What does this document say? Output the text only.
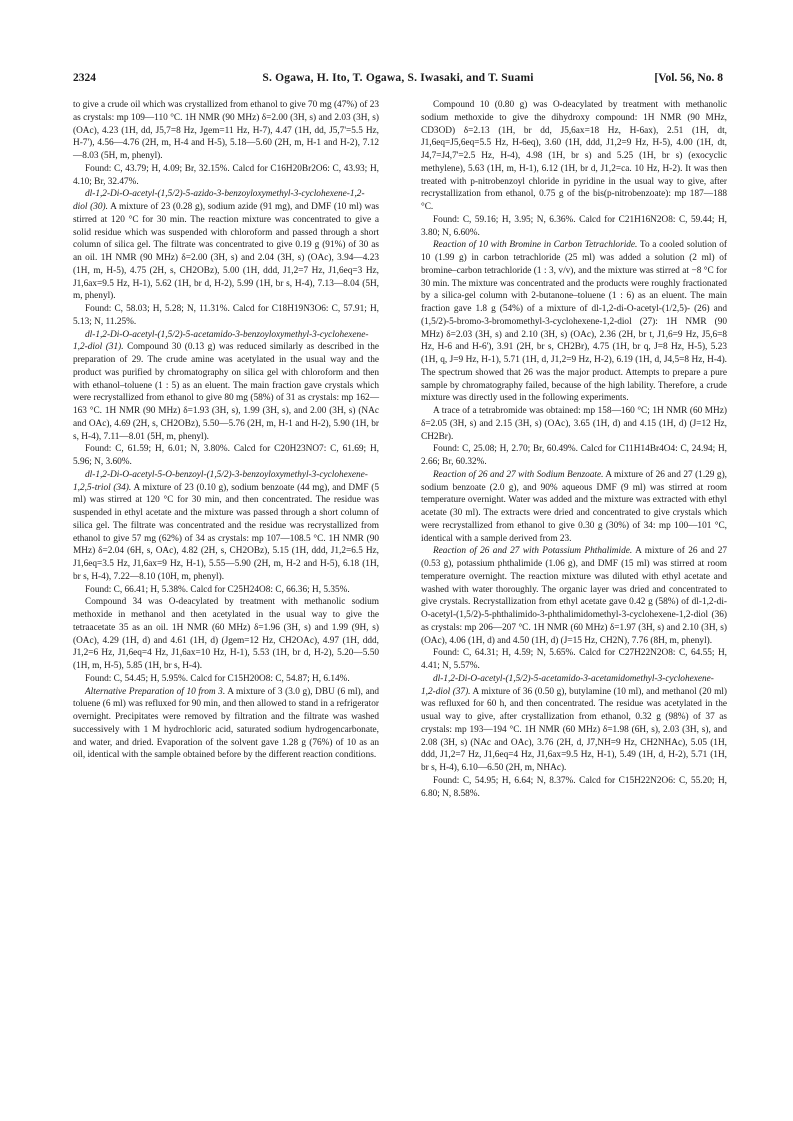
2324	S. Ogawa, H. Ito, T. Ogawa, S. Iwasaki, and T. Suami	[Vol. 56, No. 8

to give a crude oil which was crystallized from ethanol to give 70 mg (47%) of 23 as crystals: mp 109—110 °C. 1H NMR (90 MHz) δ=2.00 (3H, s) and 2.03 (3H, s) (OAc), 4.23 (1H, dd, J5,7=8 Hz, Jgem=11 Hz, H-7), 4.47 (1H, dd, J5,7'=5.5 Hz, H-7'), 4.56—4.76 (2H, m, H-4 and H-5), 5.18—5.60 (2H, m, H-1 and H-2), 7.12—8.03 (5H, m, phenyl).

Found: C, 43.79; H, 4.09; Br, 32.15%. Calcd for C16H20Br2O6: C, 43.93; H, 4.10; Br, 32.47%.

dl-1,2-Di-O-acetyl-(1,5/2)-5-azido-3-benzoyloxymethyl-3-cyclohexene-1,2-diol (30). A mixture of 23 (0.28 g), sodium azide (91 mg), and DMF (10 ml) was stirred at 120 °C for 30 min. The reaction mixture was concentrated to give a solid residue which was suspended with chloroform and passed through a short column of silica gel. The filtrate was concentrated to give 0.19 g (91%) of 30 as an oil. 1H NMR (90 MHz) δ=2.00 (3H, s) and 2.04 (3H, s) (OAc), 3.94—4.23 (1H, m, H-5), 4.75 (2H, s, CH2OBz), 5.00 (1H, ddd, J1,2=7 Hz, J1,6eq=3 Hz, J1,6ax=9.5 Hz, H-1), 5.62 (1H, br d, H-2), 5.99 (1H, br s, H-4), 7.13—8.04 (5H, m, phenyl).

Found: C, 58.03; H, 5.28; N, 11.31%. Calcd for C18H19N3O6: C, 57.91; H, 5.13; N, 11.25%.

dl-1,2-Di-O-acetyl-(1,5/2)-5-acetamido-3-benzoyloxymethyl-3-cyclohexene-1,2-diol (31). Compound 30 (0.13 g) was reduced similarly as described in the preparation of 29. The crude amine was acetylated in the usual way and the product was purified by chromatography on silica gel with chloroform and then with ethanol–toluene (1 : 5) as an eluent. The main fraction gave crystals which were recrystallized from ethanol to give 80 mg (58%) of 31 as crystals: mp 162—163 °C. 1H NMR (90 MHz) δ=1.93 (3H, s), 1.99 (3H, s), and 2.00 (3H, s) (NAc and OAc), 4.69 (2H, s, CH2OBz), 5.50—5.76 (2H, m, H-1 and H-2), 5.90 (1H, br s, H-4), 7.11—8.01 (5H, m, phenyl).

Found: C, 61.59; H, 6.01; N, 3.80%. Calcd for C20H23NO7: C, 61.69; H, 5.96; N, 3.60%.

dl-1,2-Di-O-acetyl-5-O-benzoyl-(1,5/2)-3-benzoyloxymethyl-3-cyclohexene-1,2,5-triol (34). A mixture of 23 (0.10 g), sodium benzoate (44 mg), and DMF (5 ml) was stirred at 120 °C for 30 min, and then concentrated. The residue was suspended in ethyl acetate and the mixture was passed through a short column of silica gel. The filtrate was concentrated and the residue was recrystallized from ethanol to give 57 mg (62%) of 34 as crystals: mp 107—108.5 °C. 1H NMR (90 MHz) δ=2.04 (6H, s, OAc), 4.82 (2H, s, CH2OBz), 5.15 (1H, ddd, J1,2=6.5 Hz, J1,6eq=3.5 Hz, J1,6ax=9 Hz, H-1), 5.55—5.90 (2H, m, H-2 and H-5), 6.18 (1H, br s, H-4), 7.22—8.10 (10H, m, phenyl).

Found: C, 66.41; H, 5.38%. Calcd for C25H24O8: C, 66.36; H, 5.35%.

Compound 34 was O-deacylated by treatment with methanolic sodium methoxide in methanol and then acetylated in the usual way to give the tetraacetate 35 as an oil. 1H NMR (60 MHz) δ=1.96 (3H, s) and 1.99 (9H, s) (OAc), 4.29 (1H, d) and 4.61 (1H, d) (Jgem=12 Hz, CH2OAc), 4.97 (1H, ddd, J1,2=6 Hz, J1,6eq=4 Hz, J1,6ax=10 Hz, H-1), 5.53 (1H, br d, H-2), 5.20—5.50 (1H, m, H-5), 5.85 (1H, br s, H-4).

Found: C, 54.45; H, 5.95%. Calcd for C15H20O8: C, 54.87; H, 6.14%.

Alternative Preparation of 10 from 3. A mixture of 3 (3.0 g), DBU (6 ml), and toluene (6 ml) was refluxed for 90 min, and then allowed to stand in a refrigerator overnight. Precipitates were removed by filtration and the filtrate was washed successively with 1 M hydrochloric acid, saturated sodium hydrogencarbonate, and water, and dried. Evaporation of the solvent gave 1.28 g (76%) of 10 as an oil, identical with the sample obtained before by the different reaction conditions.

Compound 10 (0.80 g) was O-deacylated by treatment with methanolic sodium methoxide to give the dihydroxy compound: 1H NMR (90 MHz, CD3OD) δ=2.13 (1H, br dd, J5,6ax=18 Hz, H-6ax), 2.51 (1H, dt, J1,6eq=J5,6eq=5.5 Hz, H-6eq), 3.60 (1H, ddd, J1,2=9 Hz, H-5), 4.00 (1H, dt, J4,7=J4,7'=2.5 Hz, H-4), 4.98 (1H, br s) and 5.25 (1H, br s) (exocyclic methylene), 5.63 (1H, m, H-1), 6.12 (1H, br d, J1,2=ca. 10 Hz, H-2). It was then treated with p-nitrobenzoyl chloride in pyridine in the usual way to give, after recrystallization from ethanol, 0.75 g of the bis(p-nitrobenzoate): mp 187—188 °C.

Found: C, 59.16; H, 3.95; N, 6.36%. Calcd for C21H16N2O8: C, 59.44; H, 3.80; N, 6.60%.

Reaction of 10 with Bromine in Carbon Tetrachloride. To a cooled solution of 10 (1.99 g) in carbon tetrachloride (25 ml) was added a solution (2 ml) of bromine–carbon tetrachloride (1 : 3, v/v), and the mixture was stirred at −8 °C for 30 min. The mixture was concentrated and the products were roughly fractionated by a silica-gel column with 2-butanone–toluene (1 : 6) as an eluent. The main fraction gave 1.8 g (54%) of a mixture of dl-1,2-di-O-acetyl-(1/2,5)- (26) and (1,5/2)-5-bromo-3-bromomethyl-3-cyclohexene-1,2-diol (27): 1H NMR (90 MHz) δ=2.03 (3H, s) and 2.10 (3H, s) (OAc), 2.36 (2H, br t, J1,6=9 Hz, J5,6=8 Hz, H-6 and H-6'), 3.91 (2H, br s, CH2Br), 4.75 (1H, br q, J=8 Hz, H-5), 5.23 (1H, q, J=9 Hz, H-1), 5.71 (1H, d, J1,2=9 Hz, H-2), 6.19 (1H, d, J4,5=8 Hz, H-4). The spectrum showed that 26 was the major product. Attempts to prepare a pure sample by chromatography failed, because of the high lability. Therefore, a crude mixture was directly used in the following experiments.

A trace of a tetrabromide was obtained: mp 158—160 °C; 1H NMR (60 MHz) δ=2.05 (3H, s) and 2.15 (3H, s) (OAc), 3.65 (1H, d) and 4.15 (1H, d) (J=12 Hz, CH2Br).

Found: C, 25.08; H, 2.70; Br, 60.49%. Calcd for C11H14Br4O4: C, 24.94; H, 2.66; Br, 60.32%.

Reaction of 26 and 27 with Sodium Benzoate. A mixture of 26 and 27 (1.29 g), sodium benzoate (2.0 g), and 90% aqueous DMF (9 ml) was stirred at room temperature overnight. Water was added and the mixture was extracted with ethyl acetate (30 ml). The extracts were dried and concentrated to give crystals which were recrystallized from ethanol to give 0.30 g (30%) of 34: mp 100—101 °C, identical with a sample derived from 23.

Reaction of 26 and 27 with Potassium Phthalimide. A mixture of 26 and 27 (0.53 g), potassium phthalimide (1.06 g), and DMF (15 ml) was stirred at room temperature overnight. The reaction mixture was diluted with ethyl acetate and washed with water thoroughly. The organic layer was dried and concentrated to give crystals. Recrystallization from ethyl acetate gave 0.42 g (58%) of dl-1,2-di-O-acetyl-(1,5/2)-5-phthalimido-3-phthalimidomethyl-3-cyclohexene-1,2-diol (36) as crystals: mp 206—207 °C. 1H NMR (60 MHz) δ=1.97 (3H, s) and 2.10 (3H, s) (OAc), 4.06 (1H, d) and 4.50 (1H, d) (J=15 Hz, CH2N), 7.76 (8H, m, phenyl).

Found: C, 64.31; H, 4.59; N, 5.65%. Calcd for C27H22N2O8: C, 64.55; H, 4.41; N, 5.57%.

dl-1,2-Di-O-acetyl-(1,5/2)-5-acetamido-3-acetamidomethyl-3-cyclohexene-1,2-diol (37). A mixture of 36 (0.50 g), butylamine (10 ml), and methanol (20 ml) was refluxed for 60 h, and then concentrated. The residue was acetylated in the usual way to give, after crystallization from ethanol, 0.32 g (98%) of 37 as crystals: mp 193—194 °C. 1H NMR (60 MHz) δ=1.98 (6H, s), 2.03 (3H, s), and 2.08 (3H, s) (NAc and OAc), 3.76 (2H, d, J7,NH=9 Hz, CH2NHAc), 5.05 (1H, ddd, J1,2=7 Hz, J1,6eq=4 Hz, J1,6ax=9.5 Hz, H-1), 5.49 (1H, d, H-2), 5.71 (1H, br s, H-4), 6.10—6.50 (2H, m, NHAc).

Found: C, 54.95; H, 6.64; N, 8.37%. Calcd for C15H22N2O6: C, 55.20; H, 6.80; N, 8.58%.
